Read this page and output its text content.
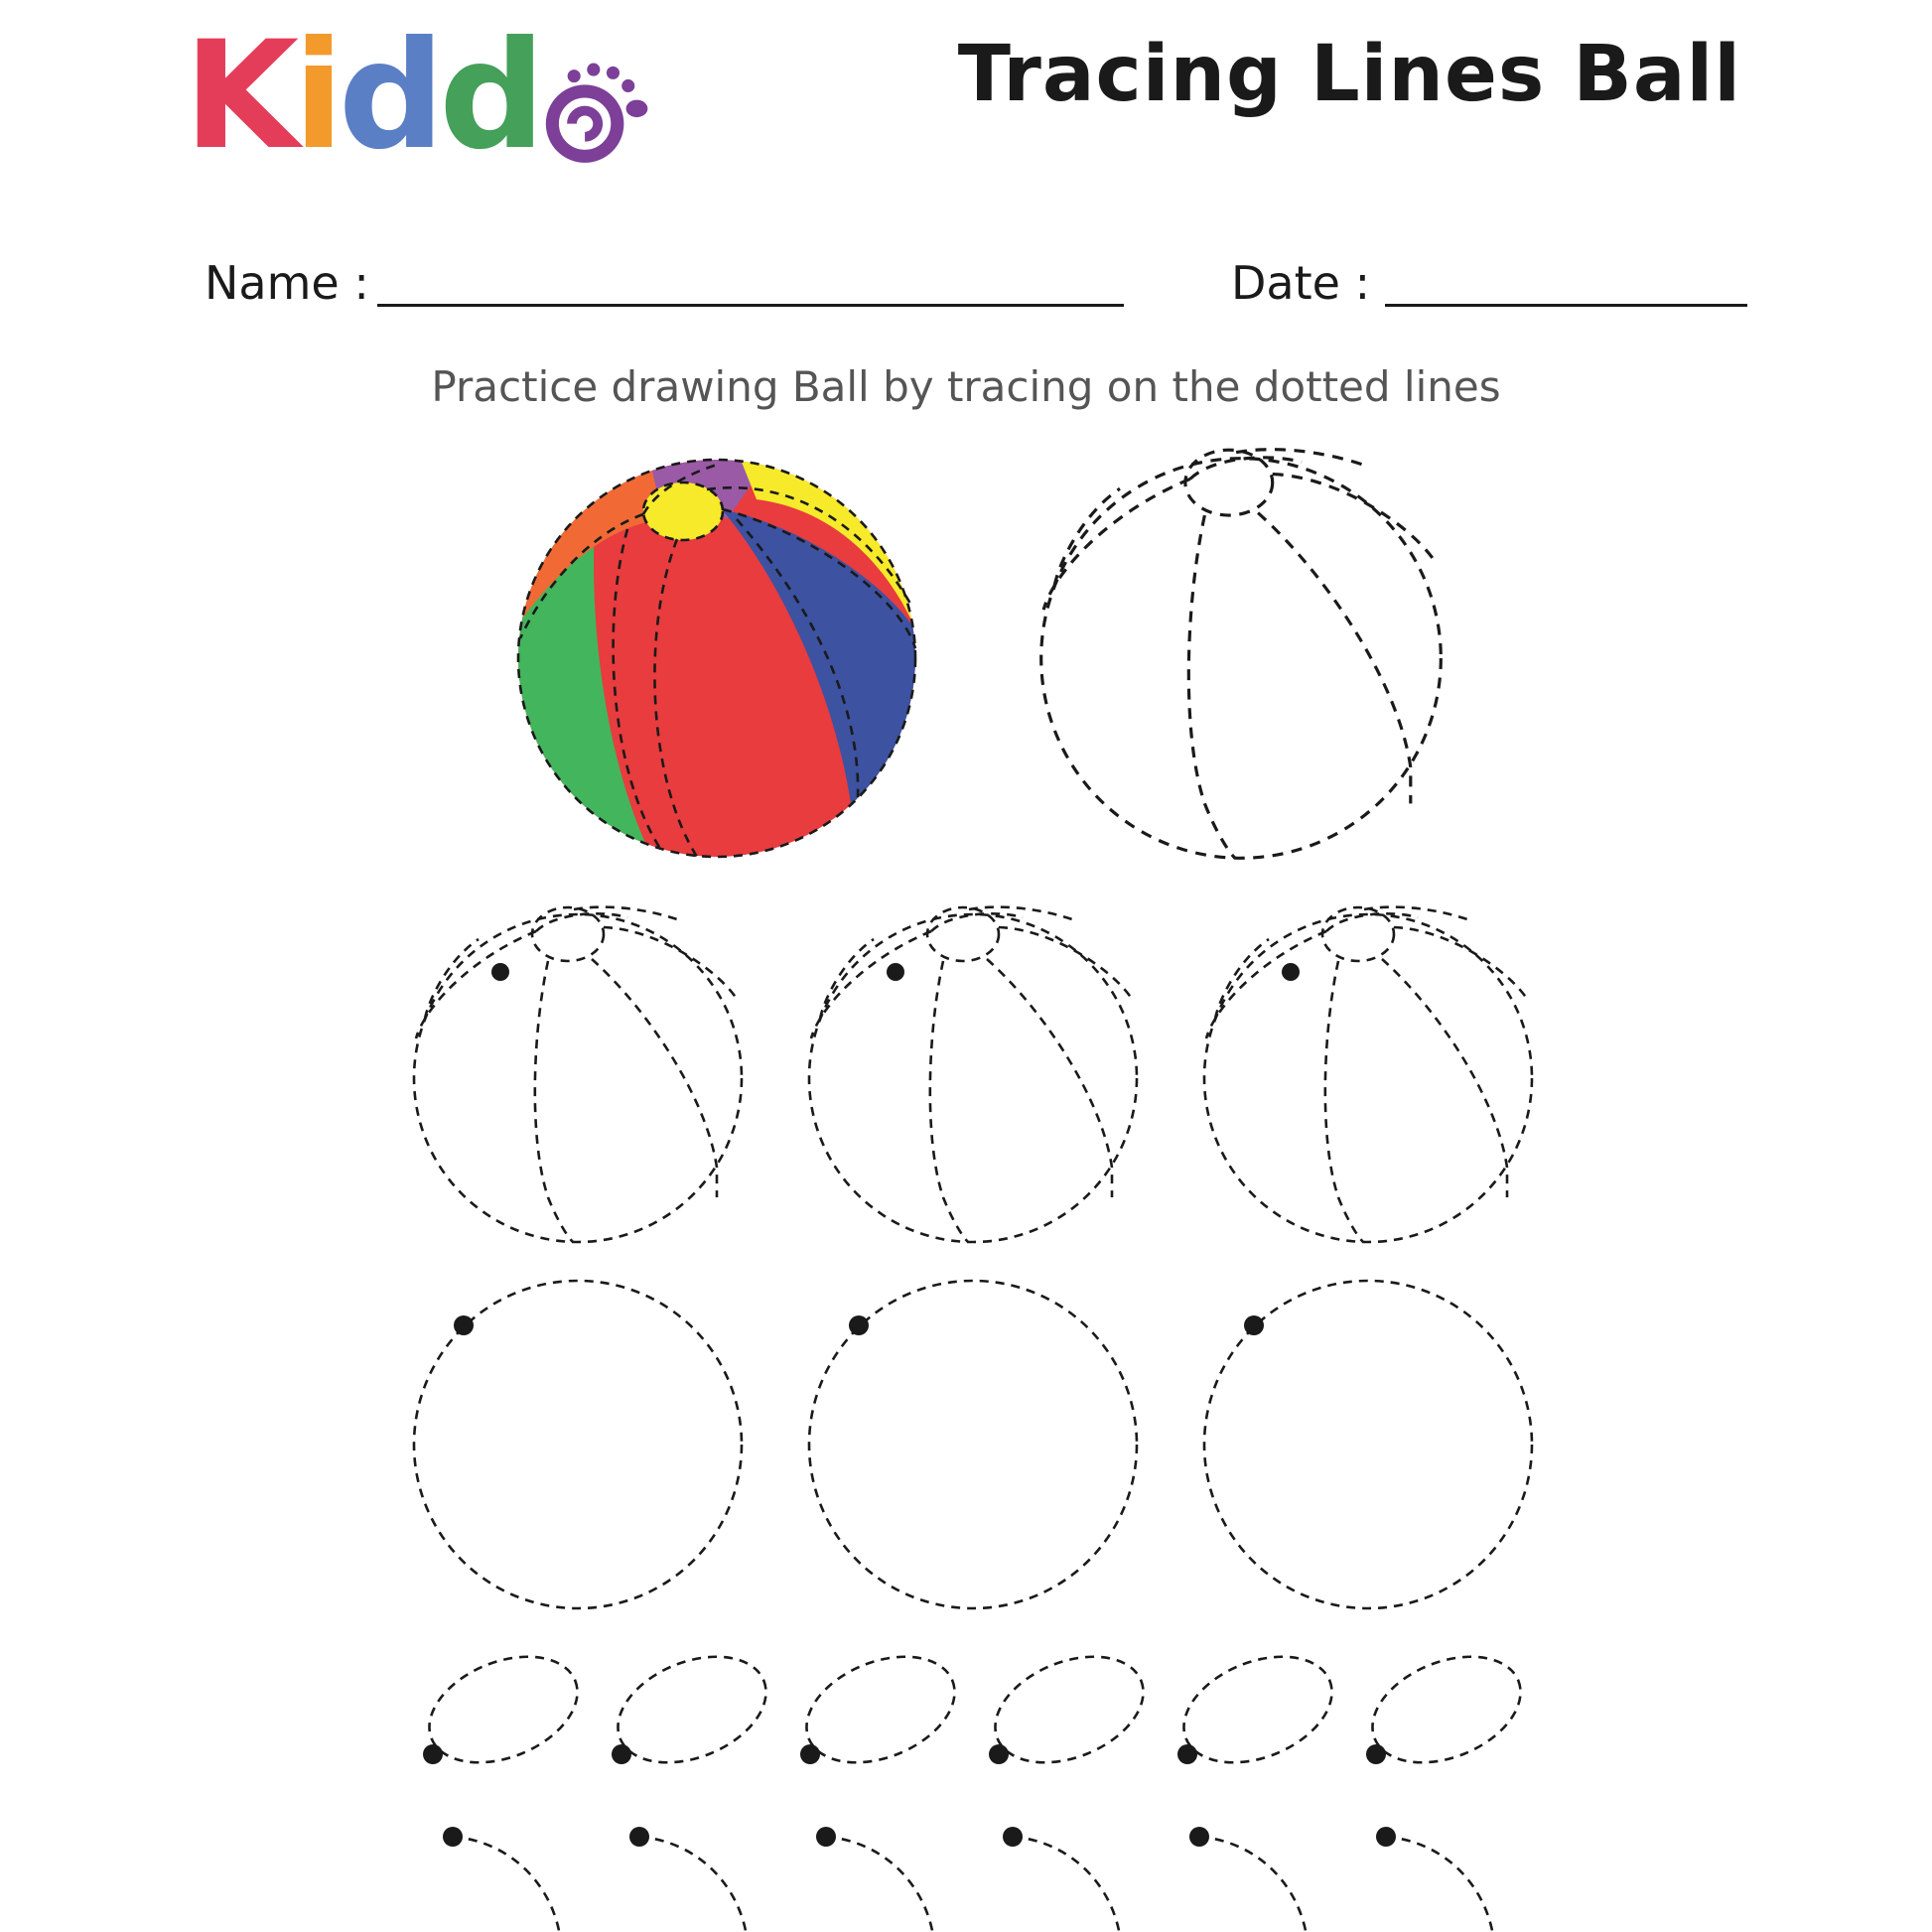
Kidd	Tracing Lines Ball
Name :	Date :
Practice drawing Ball by tracing on the dotted lines
